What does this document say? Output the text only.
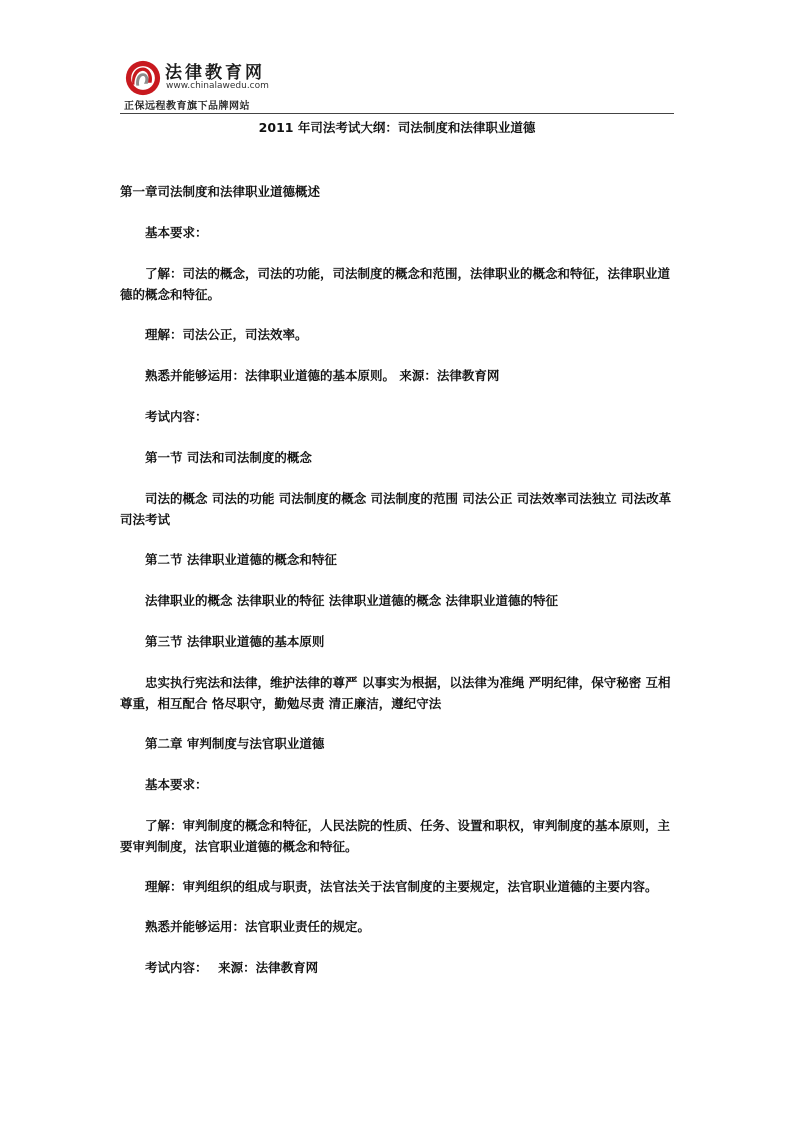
法律教育网
www.chinalawedu.com
正保远程教育旗下品牌网站
2011 年司法考试大纲：司法制度和法律职业道德

第一章司法制度和法律职业道德概述

基本要求：

了解：司法的概念，司法的功能，司法制度的概念和范围，法律职业的概念和特征，法律职业道德的概念和特征。

理解：司法公正，司法效率。

熟悉并能够运用：法律职业道德的基本原则。 来源：法律教育网

考试内容：

第一节 司法和司法制度的概念

司法的概念 司法的功能 司法制度的概念 司法制度的范围 司法公正 司法效率司法独立 司法改革 司法考试

第二节 法律职业道德的概念和特征

法律职业的概念 法律职业的特征 法律职业道德的概念 法律职业道德的特征

第三节 法律职业道德的基本原则

忠实执行宪法和法律，维护法律的尊严 以事实为根据，以法律为准绳 严明纪律，保守秘密 互相尊重，相互配合 恪尽职守，勤勉尽责 清正廉洁，遵纪守法

第二章 审判制度与法官职业道德

基本要求：

了解：审判制度的概念和特征，人民法院的性质、任务、设置和职权，审判制度的基本原则，主要审判制度，法官职业道德的概念和特征。

理解：审判组织的组成与职责，法官法关于法官制度的主要规定，法官职业道德的主要内容。

熟悉并能够运用：法官职业责任的规定。

考试内容：　 来源：法律教育网
